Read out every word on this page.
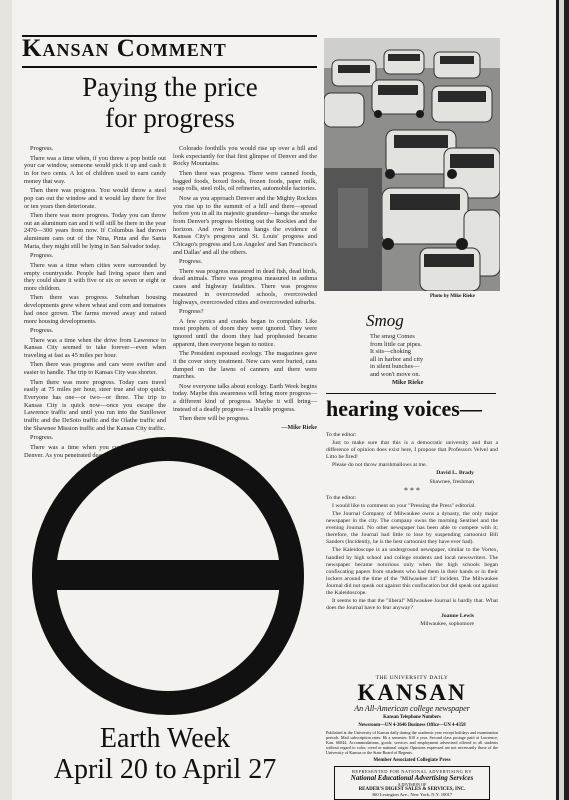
Kansan Comment
Paying the price
for progress

Progress.

There was a time when, if you threw a pop bottle out your car window, someone would pick it up and cash it in for two cents. A lot of children used to earn candy money that way.

Then there was progress. You would throw a steel pop can out the window and it would lay there for five or ten years then deteriorate.

Then there was more progress. Today you can throw out an aluminum can and it will still be there in the year 2470—300 years from now. If Columbus had thrown aluminum cans out of the Nina, Pinta and the Santa Maria, they might still be lying in San Salvador today.

Progress.

There was a time when cities were surrounded by empty countryside. People had living space then and they could share it with five or six or seven or eight or more children.

Then there was progress. Suburban housing developments grew where wheat and corn and tomatoes had once grown. The farms moved away and raised more housing developments.

Progress.

There was a time when the drive from Lawrence to Kansas City seemed to take forever—even when traveling at fast as 45 miles per hour.

Then there was progress and cars were swifter and easier to handle. The trip to Kansas City was shorter.

Then there was more progress. Today cars travel easily at 75 miles per hour, steer true and stop quick. Everyone has one—or two—or three. The trip to Kansas City is quick now—once you escape the Lawrence traffic and until you run into the Sunflower traffic and the DeSoto traffic and the Olathe traffic and the Shawnee Mission traffic and the Kansas City traffic.

Progress.

There was a time when you could drive west to Denver. As you penetrated deeper into the

Colorado foothills you would rise up over a hill and look expectantly for that first glimpse of Denver and the Rocky Mountains.

Then there was progress. There were canned foods, bagged foods, boxed foods, frozen foods, paper milk, soap rolls, steel rolls, oil refineries, automobile factories.

Now as you approach Denver and the Mighty Rockies you rise up to the summit of a hill and there—spread before you in all its majestic grandeur—hangs the smoke from Denver's progress blotting out the Rockies and the horizon. And over horizons hangs the evidence of Kansas City's progress and St. Louis' progress and Chicago's progress and Los Angeles' and San Francisco's and Dallas' and all the others.

Progress.

There was progress measured in dead fish, dead birds, dead animals. There was progress measured in asthma cases and highway fatalities. There was progress measured in overcrowded schools, overcrowded highways, overcrowded cities and overcrowded suburbs.

Progress?

A few cynics and cranks began to complain. Like most prophets of doom they were ignored. They were ignored until the doom they had prophesied became apparent, then everyone began to notice.

The President espoused ecology. The magazines gave it the cover story treatment. New cars were buried, cans dumped on the lawns of canners and there were marches.

Now everyone talks about ecology. Earth Week begins today. Maybe this awareness will bring more progress—a different kind of progress. Maybe it will bring—instead of a deadly progress—a livable progress.

Then there will be progress.

—Mike Rieke
Photo by Mike Rieke
Smog
The smog Comes
from little car pipes.
It sits—choking
all in harbor and city
in silent bunches—
and won't move on.
Mike Rieke
hearing voices—

To the editor:

Just to make sure that this is a democratic university and that a difference of opinion does exist here, I propose that Professors Velvel and Litto be fired!

Please do not throw marshmallows at me.

David L. Brady

Shawnee, freshman

* * *

To the editor:

I would like to comment on your "Pressing the Press" editorial.

The Journal Company of Milwaukee owns a dynasty, the only major newspaper in the city. The company owns the morning Sentinel and the evening Journal. No other newspaper has been able to compete with it; therefore, the Journal had little to lose by suspending cartoonist Bill Sanders (Incidently, he is the best cartoonist they have ever had).

The Kaleidoscope is an underground newspaper, similar to the Vortex, handled by high school and college students and local newswriters. The newspaper became notorious only when the high schools began confiscating papers from students who had them in their hands or in their lockers around the time of the "Milwaukee 14" incident. The Milwaukee Journal did not speak out against this confiscation but did speak out against the Kaleidoscope.

It seems to me that the "liberal" Milwaukee Journal is hardly that. What does the Journal have to fear anyway?

Joanne Lewis

Milwaukee, sophomore

Earth Week
April 20 to April 27
THE UNIVERSITY DAILY
KANSAN
An All-American college newspaper
Kansan Telephone Numbers
Newsroom—UN 4-3646 Business Office—UN 4-4358
Published at the University of Kansas daily during the academic year except holidays and examination periods. Mail subscription rates: $6 a semester, $10 a year. Second class postage paid at Lawrence, Kan. 66044. Accommodations, goods, services and employment advertised offered to all students without regard to color, creed or national origin. Opinions expressed are not necessarily those of the University of Kansas or the State Board of Regents.
Member Associated Collegiate Press
REPRESENTED FOR NATIONAL ADVERTISING BY
National Educational Advertising Services
A DIVISION OF
READER'S DIGEST SALES & SERVICES, INC.
360 Lexington Ave., New York, N.Y. 10017
